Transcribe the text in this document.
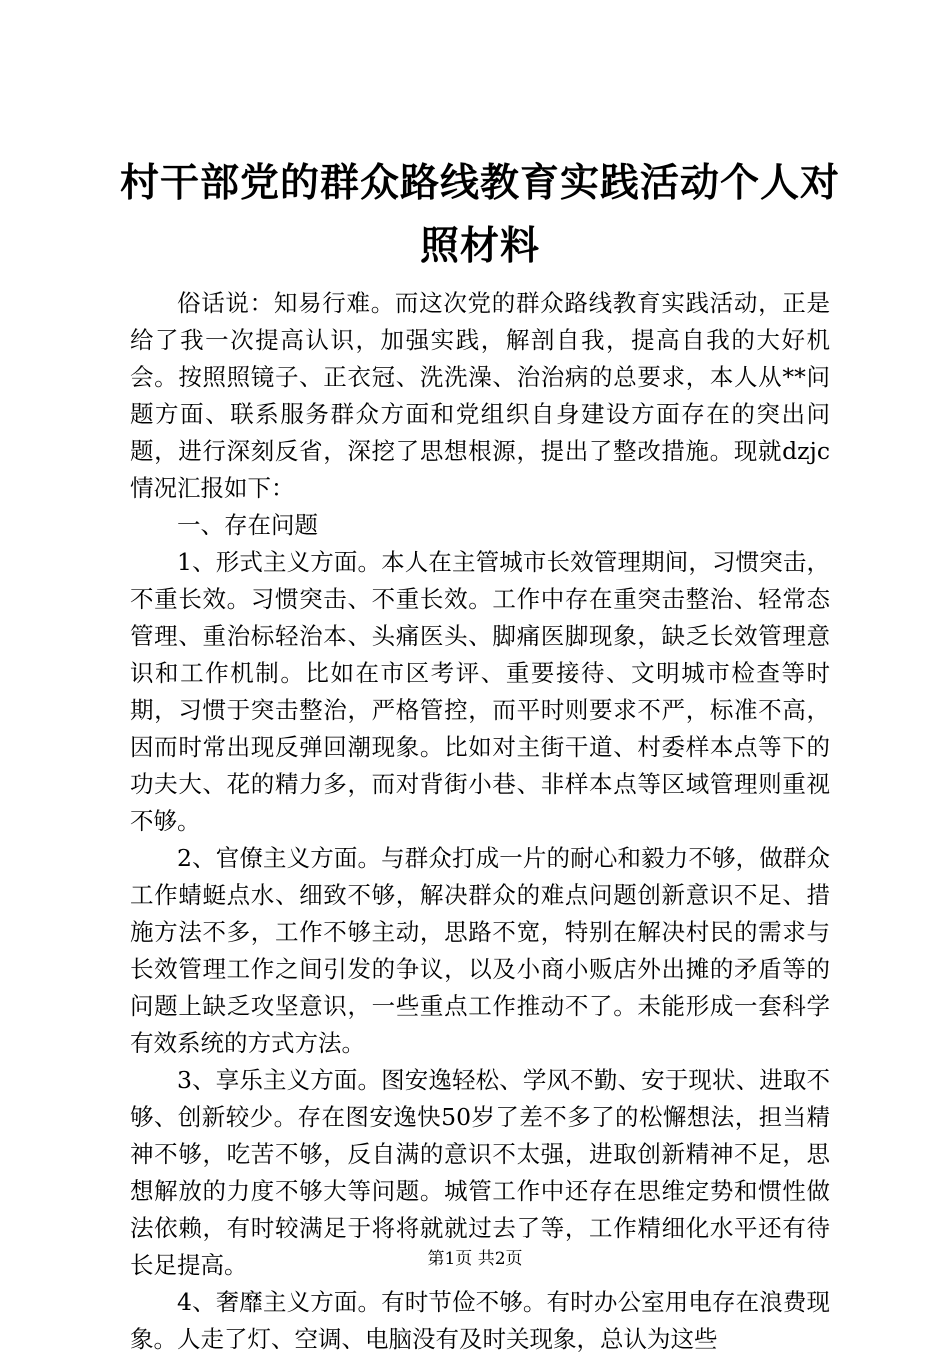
村干部党的群众路线教育实践活动个人对照材料

俗话说：知易行难。而这次党的群众路线教育实践活动，正是给了我一次提高认识，加强实践，解剖自我，提高自我的大好机会。按照照镜子、正衣冠、洗洗澡、治治病的总要求，本人从**问题方面、联系服务群众方面和党组织自身建设方面存在的突出问题，进行深刻反省，深挖了思想根源，提出了整改措施。现就dzjc情况汇报如下：

一、存在问题

1、形式主义方面。本人在主管城市长效管理期间，习惯突击，不重长效。习惯突击、不重长效。工作中存在重突击整治、轻常态管理、重治标轻治本、头痛医头、脚痛医脚现象，缺乏长效管理意识和工作机制。比如在市区考评、重要接待、文明城市检查等时期，习惯于突击整治，严格管控，而平时则要求不严，标准不高，因而时常出现反弹回潮现象。比如对主街干道、村委样本点等下的功夫大、花的精力多，而对背街小巷、非样本点等区域管理则重视不够。

2、官僚主义方面。与群众打成一片的耐心和毅力不够，做群众工作蜻蜓点水、细致不够，解决群众的难点问题创新意识不足、措施方法不多，工作不够主动，思路不宽，特别在解决村民的需求与长效管理工作之间引发的争议，以及小商小贩店外出摊的矛盾等的问题上缺乏攻坚意识，一些重点工作推动不了。未能形成一套科学有效系统的方式方法。

3、享乐主义方面。图安逸轻松、学风不勤、安于现状、进取不够、创新较少。存在图安逸快50岁了差不多了的松懈想法，担当精神不够，吃苦不够，反自满的意识不太强，进取创新精神不足，思想解放的力度不够大等问题。城管工作中还存在思维定势和惯性做法依赖，有时较满足于将将就就过去了等，工作精细化水平还有待长足提高。

4、奢靡主义方面。有时节俭不够。有时办公室用电存在浪费现象。人走了灯、空调、电脑没有及时关现象，总认为这些

第1页 共2页
